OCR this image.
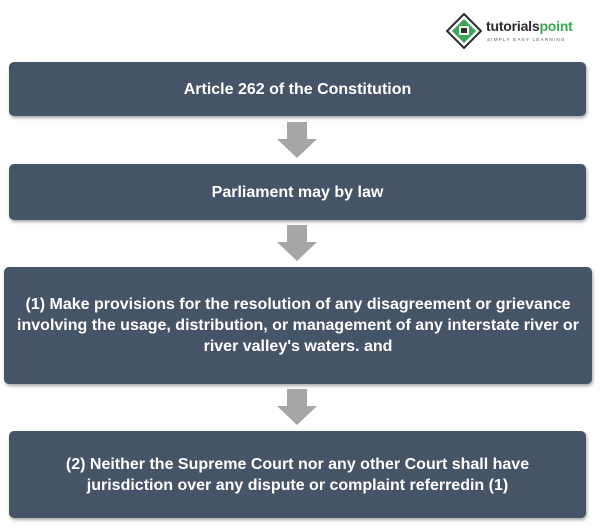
tutorialspoint
SIMPLY EASY LEARNING
Article 262 of the Constitution
Parliament may by law
(1) Make provisions for the resolution of any disagreement or grievance involving the usage, distribution, or management of any interstate river or river valley's waters. and
(2) Neither the Supreme Court nor any other Court shall have jurisdiction over any dispute or complaint referredin (1)
